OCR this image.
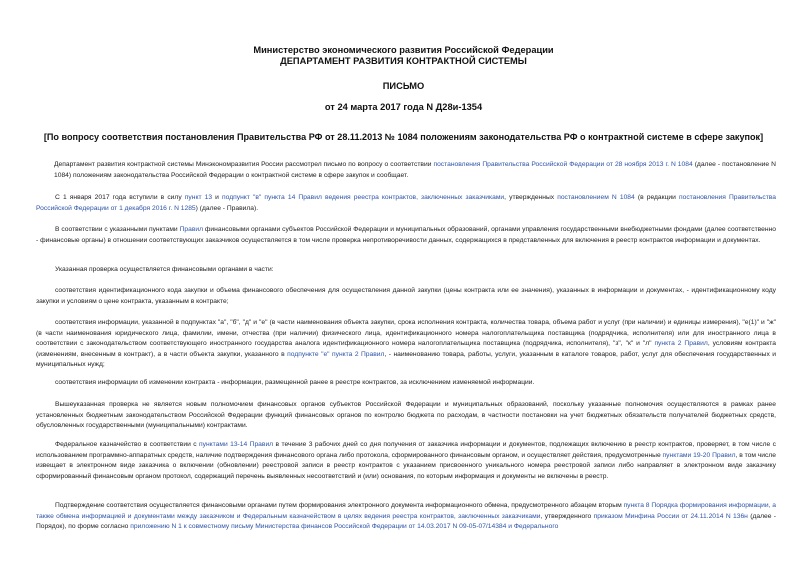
Министерство экономического развития Российской Федерации
ДЕПАРТАМЕНТ РАЗВИТИЯ КОНТРАКТНОЙ СИСТЕМЫ
ПИСЬМО
от 24 марта 2017 года N Д28и-1354
[По вопросу соответствия постановления Правительства РФ от 28.11.2013 № 1084 положениям законодательства РФ о контрактной системе в сфере закупок]

Департамент развития контрактной системы Минэкономразвития России рассмотрел письмо по вопросу о соответствии постановления Правительства Российской Федерации от 28 ноября 2013 г. N 1084 (далее - постановление N 1084) положениям законодательства Российской Федерации о контрактной системе в сфере закупок и сообщает.

С 1 января 2017 года вступили в силу пункт 13 и подпункт "в" пункта 14 Правил ведения реестра контрактов, заключенных заказчиками, утвержденных постановлением N 1084 (в редакции постановления Правительства Российской Федерации от 1 декабря 2016 г. N 1285) (далее - Правила).

В соответствии с указанными пунктами Правил финансовыми органами субъектов Российской Федерации и муниципальных образований, органами управления государственными внебюджетными фондами (далее соответственно - финансовые органы) в отношении соответствующих заказчиков осуществляется в том числе проверка непротиворечивости данных, содержащихся в представленных для включения в реестр контрактов информации и документах.

Указанная проверка осуществляется финансовыми органами в части:

соответствия идентификационного кода закупки и объема финансового обеспечения для осуществления данной закупки (цены контракта или ее значения), указанных в информации и документах, - идентификационному коду закупки и условиям о цене контракта, указанным в контракте;

соответствия информации, указанной в подпунктах "а", "б", "д" и "е" (в части наименования объекта закупки, срока исполнения контракта, количества товара, объема работ и услуг (при наличии) и единицы измерения), "е(1)" и "ж" (в части наименования юридического лица, фамилии, имени, отчества (при наличии) физического лица, идентификационного номера налогоплательщика поставщика (подрядчика, исполнителя) или для иностранного лица в соответствии с законодательством соответствующего иностранного государства аналога идентификационного номера налогоплательщика поставщика (подрядчика, исполнителя), "з", "к" и "л" пункта 2 Правил, условиям контракта (изменениям, внесенным в контракт), а в части объекта закупки, указанного в подпункте "е" пункта 2 Правил, - наименованию товара, работы, услуги, указанным в каталоге товаров, работ, услуг для обеспечения государственных и муниципальных нужд;

соответствия информации об изменении контракта - информации, размещенной ранее в реестре контрактов, за исключением изменяемой информации.

Вышеуказанная проверка не является новым полномочием финансовых органов субъектов Российской Федерации и муниципальных образований, поскольку указанные полномочия осуществляются в рамках ранее установленных бюджетным законодательством Российской Федерации функций финансовых органов по контролю бюджета по расходам, в частности постановки на учет бюджетных обязательств получателей бюджетных средств, обусловленных государственными (муниципальными) контрактами.

Федеральное казначейство в соответствии с пунктами 13-14 Правил в течение 3 рабочих дней со дня получения от заказчика информации и документов, подлежащих включению в реестр контрактов, проверяет, в том числе с использованием программно-аппаратных средств, наличие подтверждения финансового органа либо протокола, сформированного финансовым органом, и осуществляет действия, предусмотренные пунктами 19-20 Правил, в том числе извещает в электронном виде заказчика о включении (обновлении) реестровой записи в реестр контрактов с указанием присвоенного уникального номера реестровой записи либо направляет в электронном виде заказчику сформированный финансовым органом протокол, содержащий перечень выявленных несоответствий и (или) основания, по которым информация и документы не включены в реестр.

Подтверждение соответствия осуществляется финансовыми органами путем формирования электронного документа информационного обмена, предусмотренного абзацем вторым пункта 8 Порядка формирования информации, а также обмена информацией и документами между заказчиком и Федеральным казначейством в целях ведения реестра контрактов, заключенных заказчиками, утвержденного приказом Минфина России от 24.11.2014 N 136н (далее - Порядок), по форме согласно приложению N 1 к совместному письму Министерства финансов Российской Федерации от 14.03.2017 N 09-05-07/14384 и Федерального
